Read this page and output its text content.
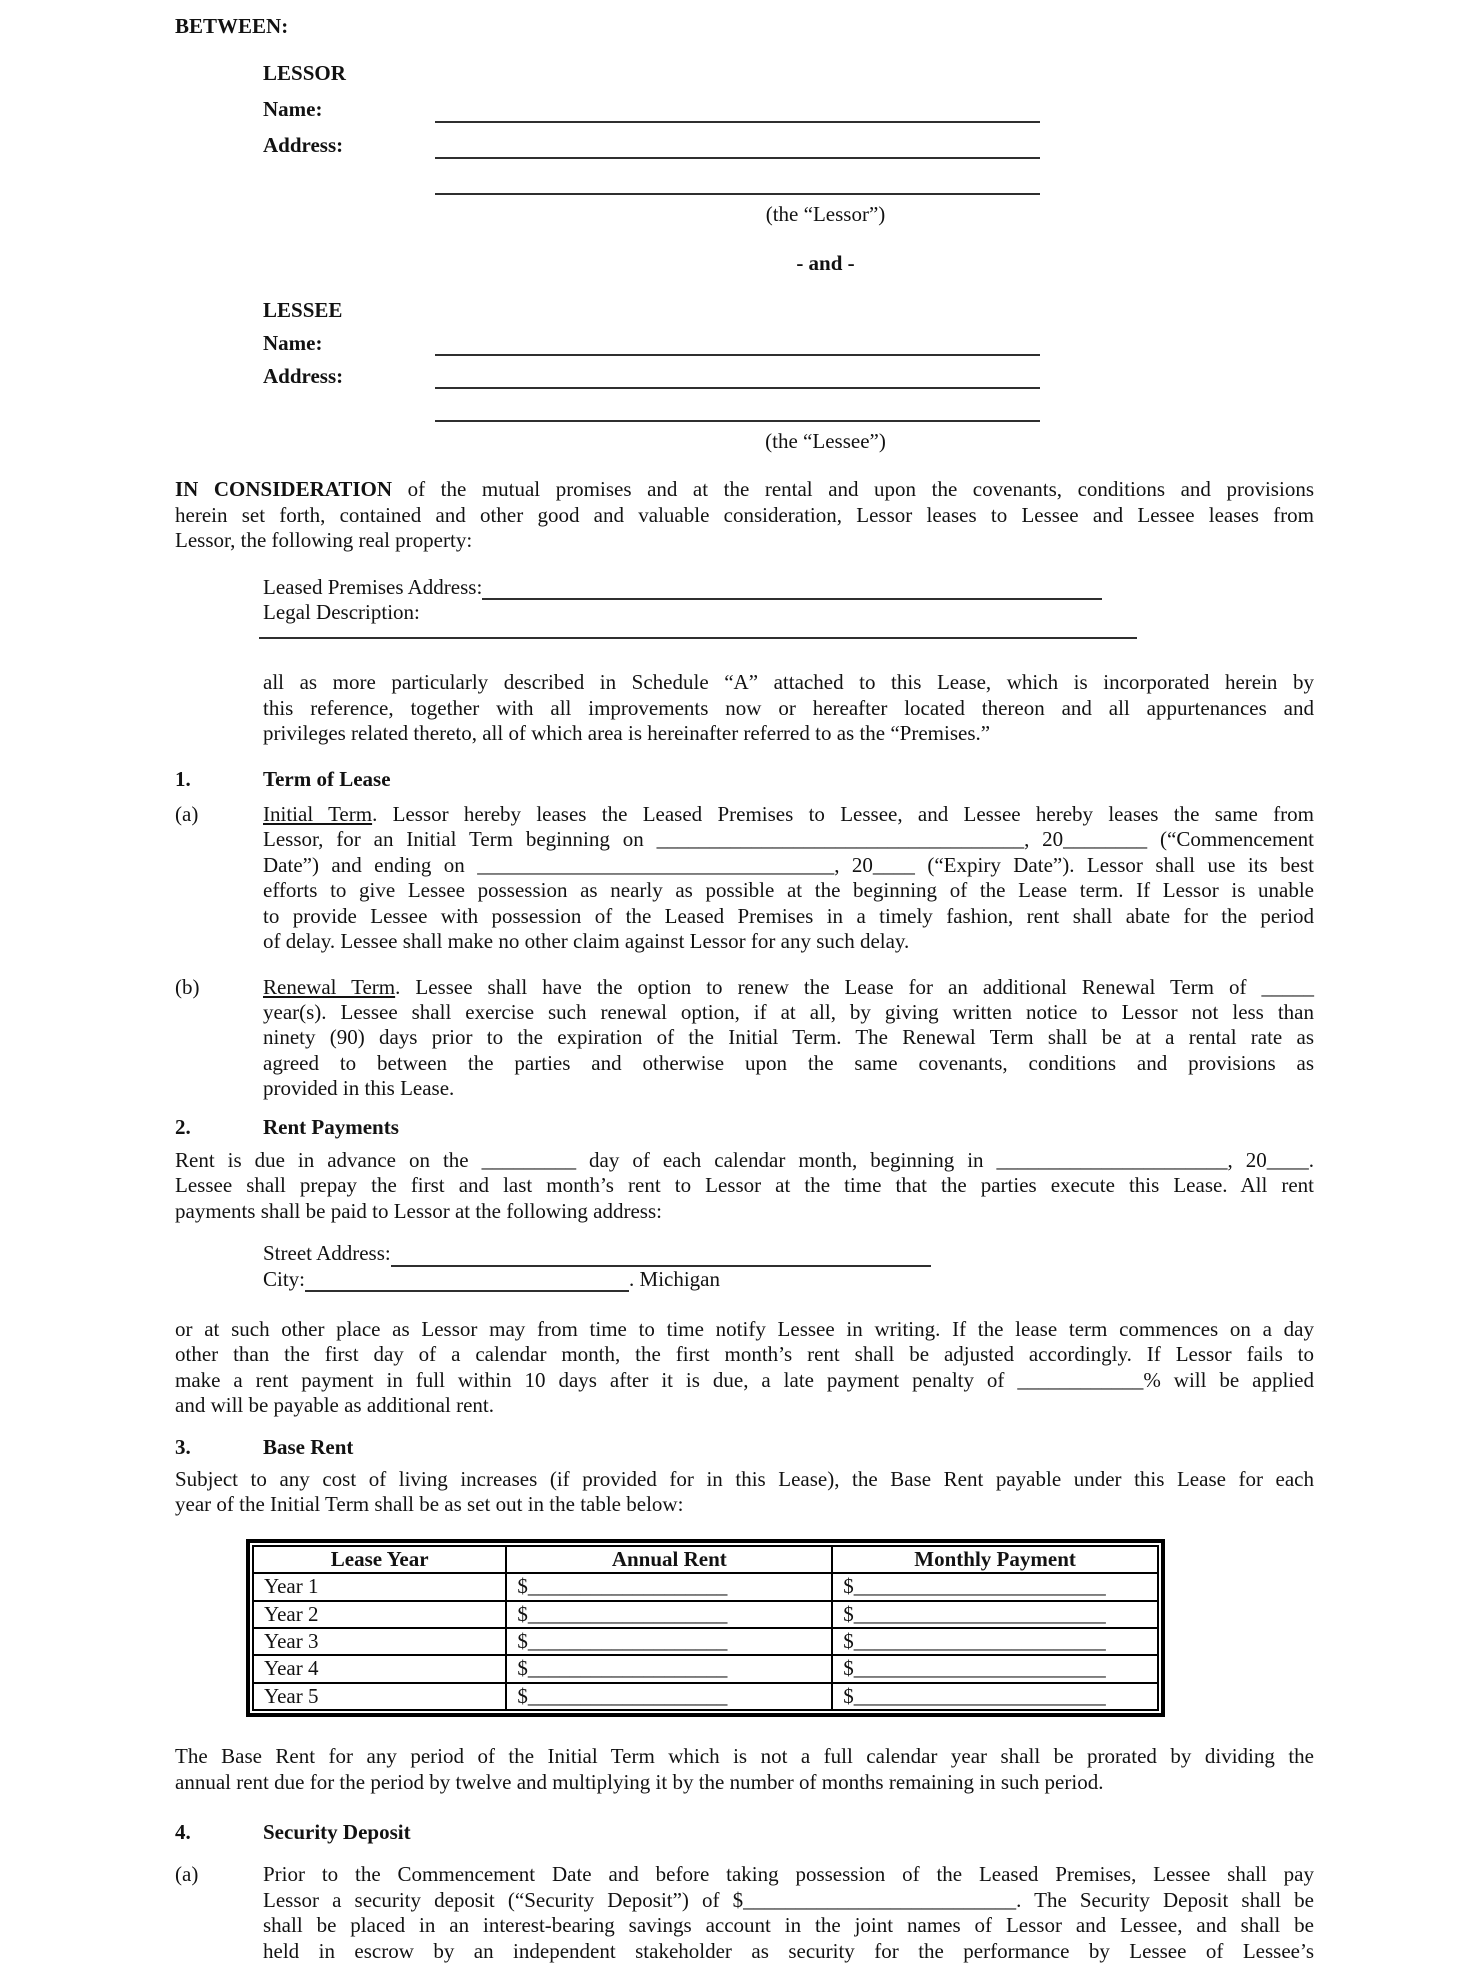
BETWEEN:
LESSOR
Name:
Address:
(the “Lessor”)
- and -
LESSEE
Name:
Address:
(the “Lessee”)
IN CONSIDERATION of the mutual promises and at the rental and upon the covenants, conditions and provisions
herein set forth, contained and other good and valuable consideration, Lessor leases to Lessee and Lessee leases from
Lessor, the following real property:
Leased Premises Address:
Legal Description:
all as more particularly described in Schedule “A” attached to this Lease, which is incorporated herein by
this reference, together with all improvements now or hereafter located thereon and all appurtenances and
privileges related thereto, all of which area is hereinafter referred to as the “Premises.”
1.	Term of Lease
(a)	Initial Term. Lessor hereby leases the Leased Premises to Lessee, and Lessee hereby leases the same from
Lessor, for an Initial Term beginning on ___________________________________, 20________ (“Commencement
Date”) and ending on __________________________________, 20____ (“Expiry Date”). Lessor shall use its best
efforts to give Lessee possession as nearly as possible at the beginning of the Lease term. If Lessor is unable
to provide Lessee with possession of the Leased Premises in a timely fashion, rent shall abate for the period
of delay. Lessee shall make no other claim against Lessor for any such delay.
(b)	Renewal Term. Lessee shall have the option to renew the Lease for an additional Renewal Term of _____
year(s). Lessee shall exercise such renewal option, if at all, by giving written notice to Lessor not less than
ninety (90) days prior to the expiration of the Initial Term. The Renewal Term shall be at a rental rate as
agreed to between the parties and otherwise upon the same covenants, conditions and provisions as
provided in this Lease.
2.	Rent Payments
Rent is due in advance on the _________ day of each calendar month, beginning in ______________________, 20____.
Lessee shall prepay the first and last month’s rent to Lessor at the time that the parties execute this Lease. All rent
payments shall be paid to Lessor at the following address:
Street Address:
City:	. Michigan
or at such other place as Lessor may from time to time notify Lessee in writing. If the lease term commences on a day
other than the first day of a calendar month, the first month’s rent shall be adjusted accordingly. If Lessor fails to
make a rent payment in full within 10 days after it is due, a late payment penalty of ____________% will be applied
and will be payable as additional rent.
3.	Base Rent
Subject to any cost of living increases (if provided for in this Lease), the Base Rent payable under this Lease for each
year of the Initial Term shall be as set out in the table below:
Lease Year	Annual Rent	Monthly Payment
Year 1	$___________________	$________________________
Year 2	$___________________	$________________________
Year 3	$___________________	$________________________
Year 4	$___________________	$________________________
Year 5	$___________________	$________________________
The Base Rent for any period of the Initial Term which is not a full calendar year shall be prorated by dividing the
annual rent due for the period by twelve and multiplying it by the number of months remaining in such period.
4.	Security Deposit
(a)	Prior to the Commencement Date and before taking possession of the Leased Premises, Lessee shall pay
Lessor a security deposit (“Security Deposit”) of $__________________________. The Security Deposit shall be
shall be placed in an interest-bearing savings account in the joint names of Lessor and Lessee, and shall be
held in escrow by an independent stakeholder as security for the performance by Lessee of Lessee’s
